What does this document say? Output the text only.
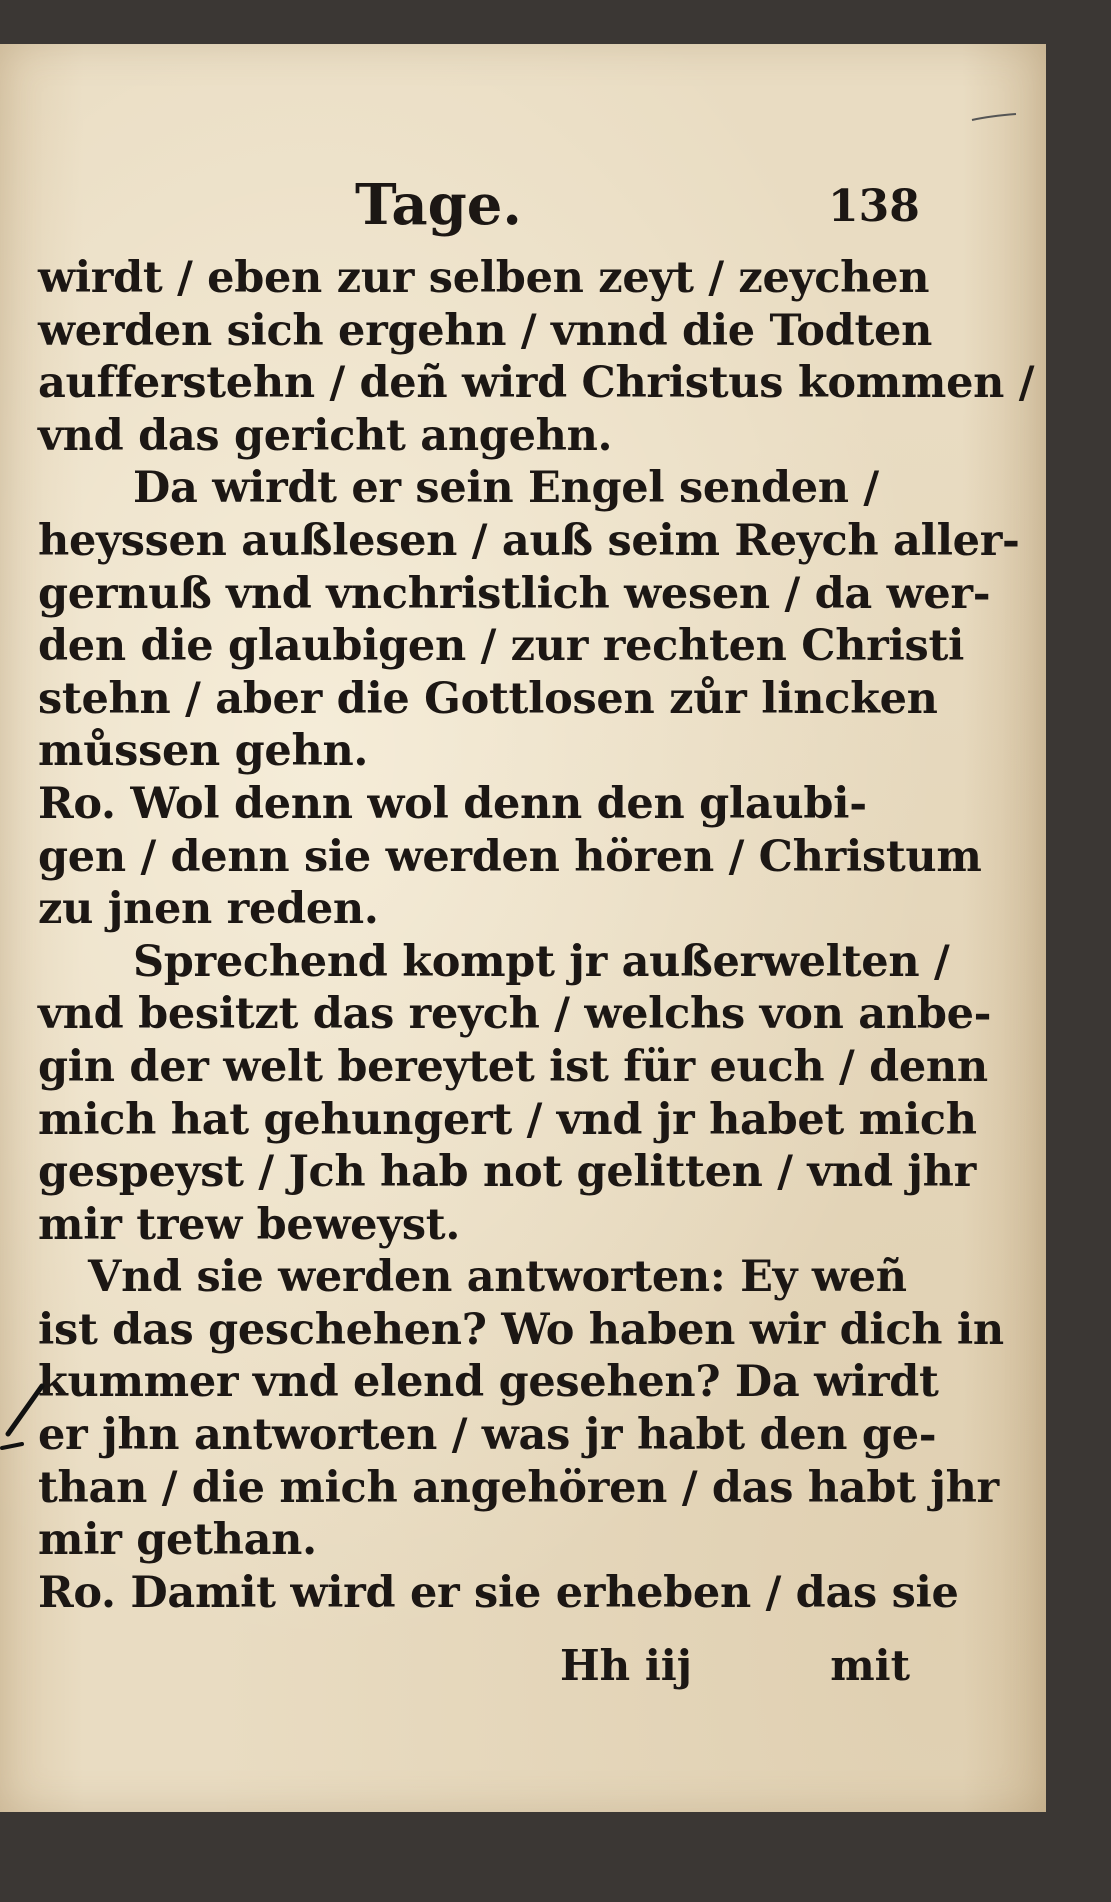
Tage.	138
wirdt / eben zur selben zeyt / zeychen
werden sich ergehn / vnnd die Todten
aufferstehn / deñ wird Christus kommen /
vnd das gericht angehn.
Da wirdt er sein Engel senden /
heyssen außlesen / auß seim Reych aller-
gernuß vnd vnchristlich wesen / da wer-
den die glaubigen / zur rechten Christi
stehn / aber die Gottlosen zůr lincken
můssen gehn.
Ro. Wol denn wol denn den glaubi-
gen / denn sie werden hören / Christum
zu jnen reden.
Sprechend kompt jr außerwelten /
vnd besitzt das reych / welchs von anbe-
gin der welt bereytet ist für euch / denn
mich hat gehungert / vnd jr habet mich
gespeyst / Jch hab not gelitten / vnd jhr
mir trew beweyst.
Vnd sie werden antworten: Ey weñ
ist das geschehen? Wo haben wir dich in
kummer vnd elend gesehen? Da wirdt
er jhn antworten / was jr habt den ge-
than / die mich angehören / das habt jhr
mir gethan.
Ro. Damit wird er sie erheben / das sie
Hh iij	mit
